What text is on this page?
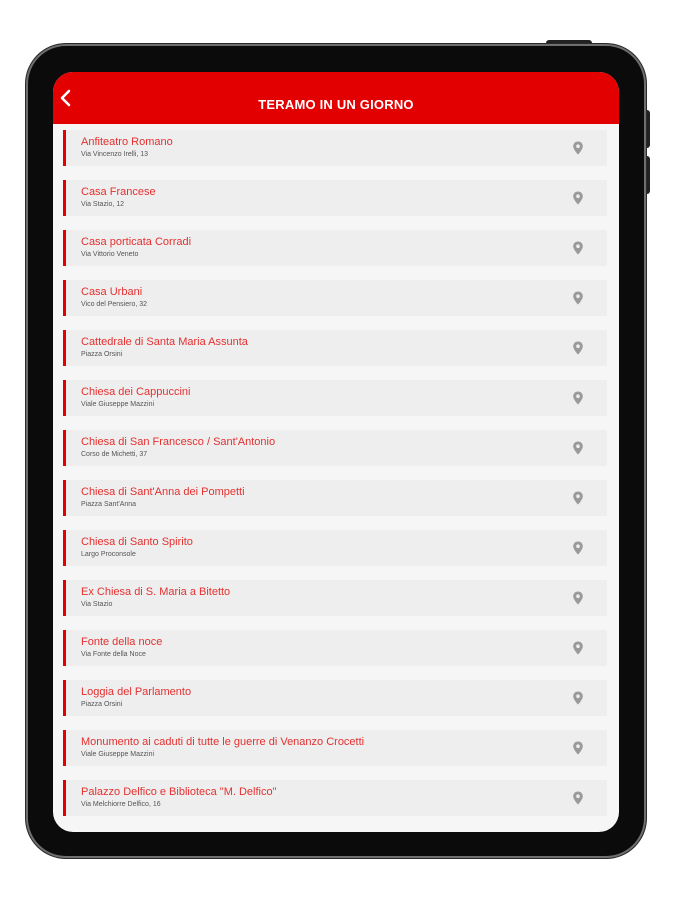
TERAMO IN UN GIORNO
Anfiteatro Romano
Via Vincenzo Irelli, 13
Casa Francese
Via Stazio, 12
Casa porticata Corradi
Via Vittorio Veneto
Casa Urbani
Vico del Pensiero, 32
Cattedrale di Santa Maria Assunta
Piazza Orsini
Chiesa dei Cappuccini
Viale Giuseppe Mazzini
Chiesa di San Francesco / Sant'Antonio
Corso de Michetti, 37
Chiesa di Sant'Anna dei Pompetti
Piazza Sant'Anna
Chiesa di Santo Spirito
Largo Proconsole
Ex Chiesa di S. Maria a Bitetto
Via Stazio
Fonte della noce
Via Fonte della Noce
Loggia del Parlamento
Piazza Orsini
Monumento ai caduti di tutte le guerre di Venanzo Crocetti
Viale Giuseppe Mazzini
Palazzo Delfico e Biblioteca "M. Delfico"
Via Melchiorre Delfico, 16
